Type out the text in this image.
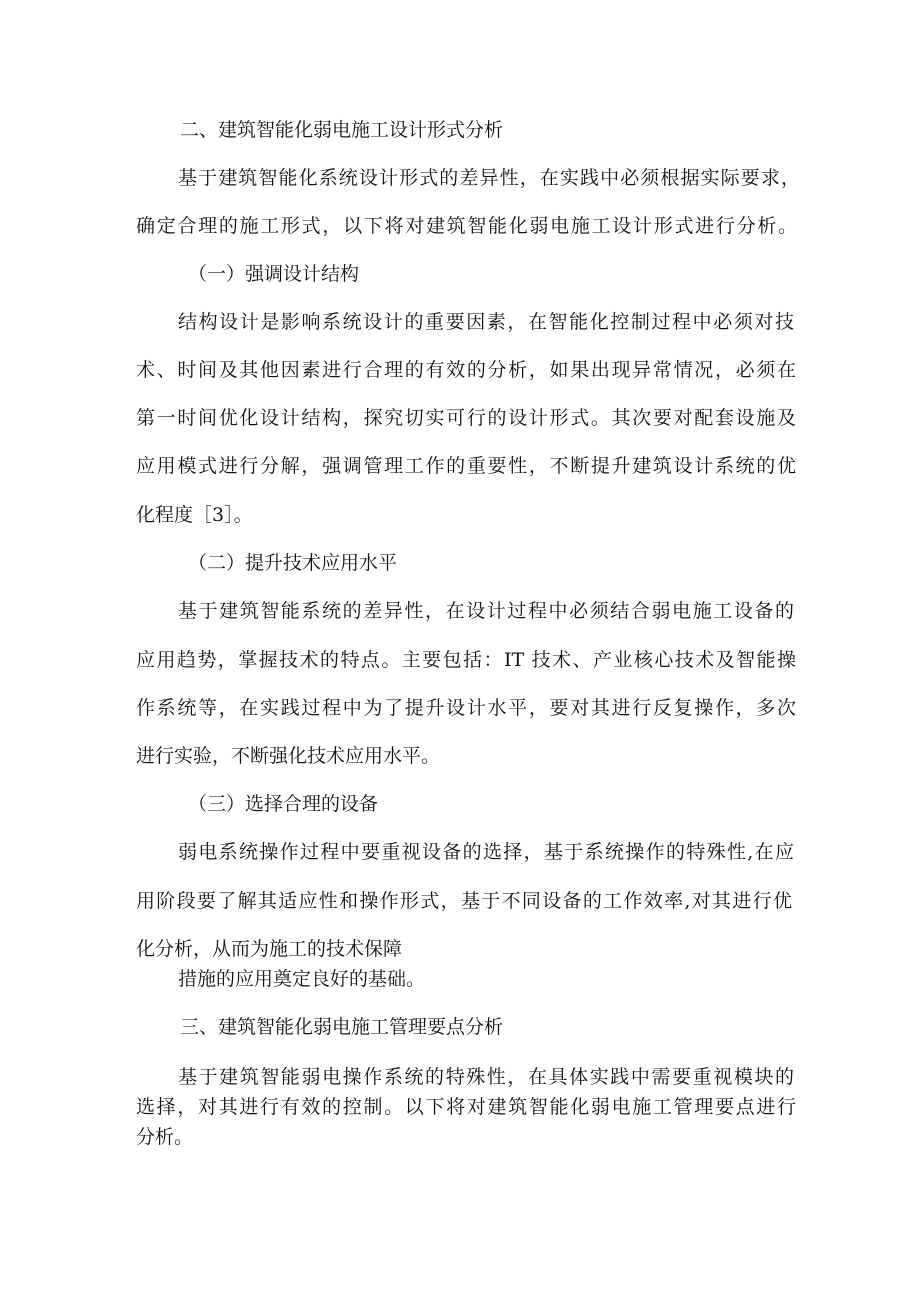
二、建筑智能化弱电施工设计形式分析
基于建筑智能化系统设计形式的差异性，在实践中必须根据实际要求，
确定合理的施工形式，以下将对建筑智能化弱电施工设计形式进行分析。
（一）强调设计结构
结构设计是影响系统设计的重要因素，在智能化控制过程中必须对技
术、时间及其他因素进行合理的有效的分析，如果出现异常情况，必须在
第一时间优化设计结构，探究切实可行的设计形式。其次要对配套设施及
应用模式进行分解，强调管理工作的重要性，不断提升建筑设计系统的优
化程度［3］。
（二）提升技术应用水平
基于建筑智能系统的差异性，在设计过程中必须结合弱电施工设备的
应用趋势，掌握技术的特点。主要包括：IT 技术、产业核心技术及智能操
作系统等，在实践过程中为了提升设计水平，要对其进行反复操作，多次
进行实验，不断强化技术应用水平。
（三）选择合理的设备
弱电系统操作过程中要重视设备的选择，基于系统操作的特殊性,在应
用阶段要了解其适应性和操作形式，基于不同设备的工作效率,对其进行优
化分析，从而为施工的技术保障
措施的应用奠定良好的基础。
三、建筑智能化弱电施工管理要点分析
基于建筑智能弱电操作系统的特殊性，在具体实践中需要重视模块的
选择，对其进行有效的控制。以下将对建筑智能化弱电施工管理要点进行
分析。
